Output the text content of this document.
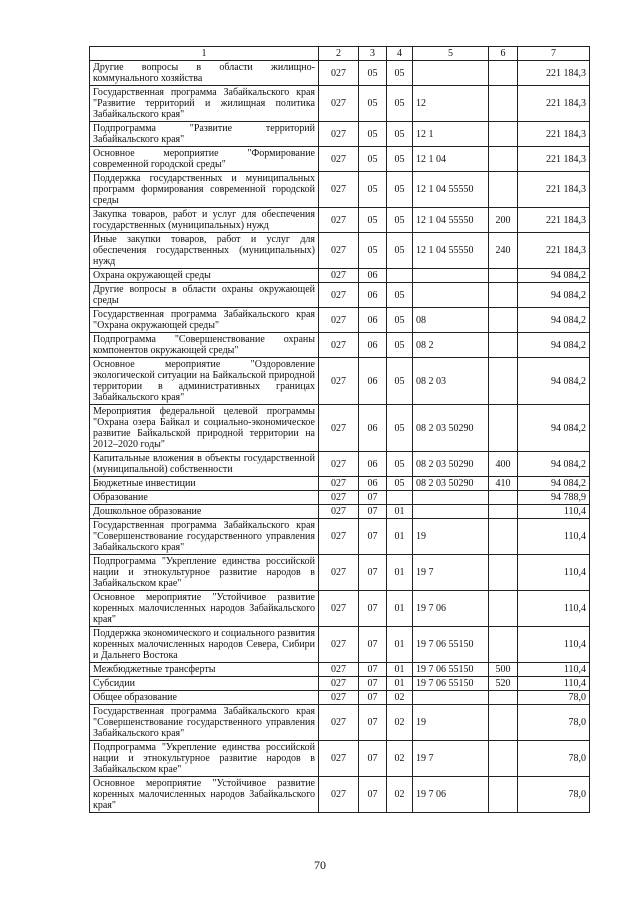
1	2	3	4	5	6	7
Другие вопросы в области жилищно-коммунального хозяйства	027	05	05			221 184,3
Государственная программа Забайкальского края "Развитие территорий и жилищная политика Забайкальского края"	027	05	05	12		221 184,3
Подпрограмма "Развитие территорий Забайкальского края"	027	05	05	12 1		221 184,3
Основное мероприятие "Формирование современной городской среды"	027	05	05	12 1 04		221 184,3
Поддержка государственных и муниципальных программ формирования современной городской среды	027	05	05	12 1 04 55550		221 184,3
Закупка товаров, работ и услуг для обеспечения государственных (муниципальных) нужд	027	05	05	12 1 04 55550	200	221 184,3
Иные закупки товаров, работ и услуг для обеспечения государственных (муниципальных) нужд	027	05	05	12 1 04 55550	240	221 184,3
Охрана окружающей среды	027	06				94 084,2
Другие вопросы в области охраны окружающей среды	027	06	05			94 084,2
Государственная программа Забайкальского края "Охрана окружающей среды"	027	06	05	08		94 084,2
Подпрограмма "Совершенствование охраны компонентов окружающей среды"	027	06	05	08 2		94 084,2
Основное мероприятие "Оздоровление экологической ситуации на Байкальской природной территории в административных границах Забайкальского края"	027	06	05	08 2 03		94 084,2
Мероприятия федеральной целевой программы "Охрана озера Байкал и социально-экономическое развитие Байкальской природной территории на 2012–2020 годы"	027	06	05	08 2 03 50290		94 084,2
Капитальные вложения в объекты государственной (муниципальной) собственности	027	06	05	08 2 03 50290	400	94 084,2
Бюджетные инвестиции	027	06	05	08 2 03 50290	410	94 084,2
Образование	027	07				94 788,9
Дошкольное образование	027	07	01			110,4
Государственная программа Забайкальского края "Совершенствование государственного управления Забайкальского края"	027	07	01	19		110,4
Подпрограмма "Укрепление единства российской нации и этнокультурное развитие народов в Забайкальском крае"	027	07	01	19 7		110,4
Основное мероприятие "Устойчивое развитие коренных малочисленных народов Забайкальского края"	027	07	01	19 7 06		110,4
Поддержка экономического и социального развития коренных малочисленных народов Севера, Сибири и Дальнего Востока	027	07	01	19 7 06 55150		110,4
Межбюджетные трансферты	027	07	01	19 7 06 55150	500	110,4
Субсидии	027	07	01	19 7 06 55150	520	110,4
Общее образование	027	07	02			78,0
Государственная программа Забайкальского края "Совершенствование государственного управления Забайкальского края"	027	07	02	19		78,0
Подпрограмма "Укрепление единства российской нации и этнокультурное развитие народов в Забайкальском крае"	027	07	02	19 7		78,0
Основное мероприятие "Устойчивое развитие коренных малочисленных народов Забайкальского края"	027	07	02	19 7 06		78,0
70
